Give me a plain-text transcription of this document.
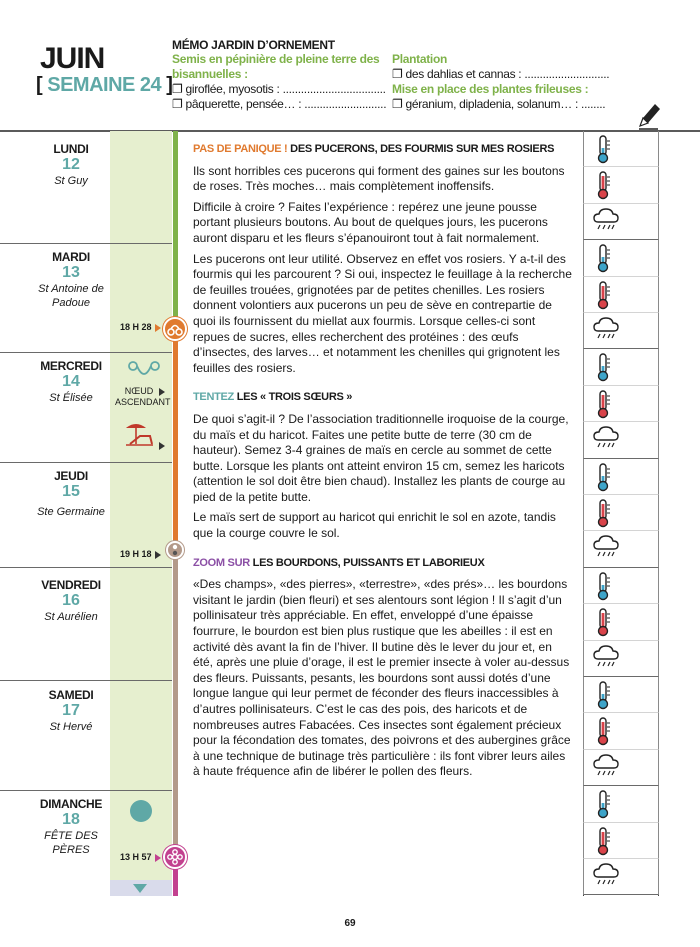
JUIN
[ SEMAINE 24 ]
MÉMO JARDIN D’ORNEMENT
Semis en pépinière de pleine terre des bisannuelles :
❐ giroflée, myosotis : ..................................
❐ pâquerette, pensée… : ...........................
Plantation
❐ des dahlias et cannas : ............................
Mise en place des plantes frileuses :
❐ géranium, dipladenia, solanum… : ........
LUNDI
12
St Guy
MARDI
13
St Antoine de Padoue
MERCREDI
14
St Élisée
JEUDI
15
Ste Germaine
VENDREDI
16
St Aurélien
SAMEDI
17
St Hervé
DIMANCHE
18
FÊTE DES PÈRES
18 H 28
NŒUD
ASCENDANT
19 H 18
13 H 57
PAS DE PANIQUE ! DES PUCERONS, DES FOURMIS SUR MES ROSIERS

Ils sont horribles ces pucerons qui forment des gaines sur les boutons de roses. Très moches… mais complètement inoffensifs.

Difficile à croire ? Faites l’expérience : repérez une jeune pousse portant plusieurs boutons. Au bout de quelques jours, les pucerons auront disparu et les fleurs s’épanouiront tout à fait normalement.

Les pucerons ont leur utilité. Observez en effet vos rosiers. Y a-t-il des fourmis qui les parcourent ? Si oui, inspectez le feuillage à la recherche de feuilles trouées, grignotées par de petites chenilles. Les rosiers donnent volontiers aux pucerons un peu de sève en contrepartie de quoi ils fournissent du miellat aux fourmis. Lorsque celles-ci sont repues de sucres, elles recherchent des protéines : des œufs d’insectes, des larves… et notamment les chenilles qui grignotent les feuilles des rosiers.

TENTEZ LES « TROIS SŒURS »

De quoi s’agit-il ? De l’association traditionnelle iroquoise de la courge, du maïs et du haricot. Faites une petite butte de terre (30 cm de hauteur). Semez 3-4 graines de maïs en cercle au sommet de cette butte. Lorsque les plants ont atteint environ 15 cm, semez les haricots (attention le sol doit être bien chaud). Installez les plants de courge au pied de la petite butte.

Le maïs sert de support au haricot qui enrichit le sol en azote, tandis que la courge couvre le sol.

ZOOM SUR LES BOURDONS, PUISSANTS ET LABORIEUX

«Des champs», «des pierres», «terrestre», «des prés»… les bourdons visitant le jardin (bien fleuri) et ses alentours sont légion ! Il s’agit d’un pollinisateur très appréciable. En effet, enveloppé d’une épaisse fourrure, le bourdon est bien plus rustique que les abeilles : il est en activité dès avant la fin de l’hiver. Il butine dès le lever du jour et, en été, après une pluie d’orage, il est le premier insecte à voler au-dessus des fleurs. Puissants, pesants, les bourdons sont aussi dotés d’une longue langue qui leur permet de féconder des fleurs inaccessibles à d’autres pollinisateurs. C’est le cas des pois, des haricots et de nombreuses autres Fabacées. Ces insectes sont également précieux pour la fécondation des tomates, des poivrons et des aubergines grâce à une technique de butinage très particulière : ils font vibrer leurs ailes à haute fréquence afin de libérer le pollen des fleurs.

69
